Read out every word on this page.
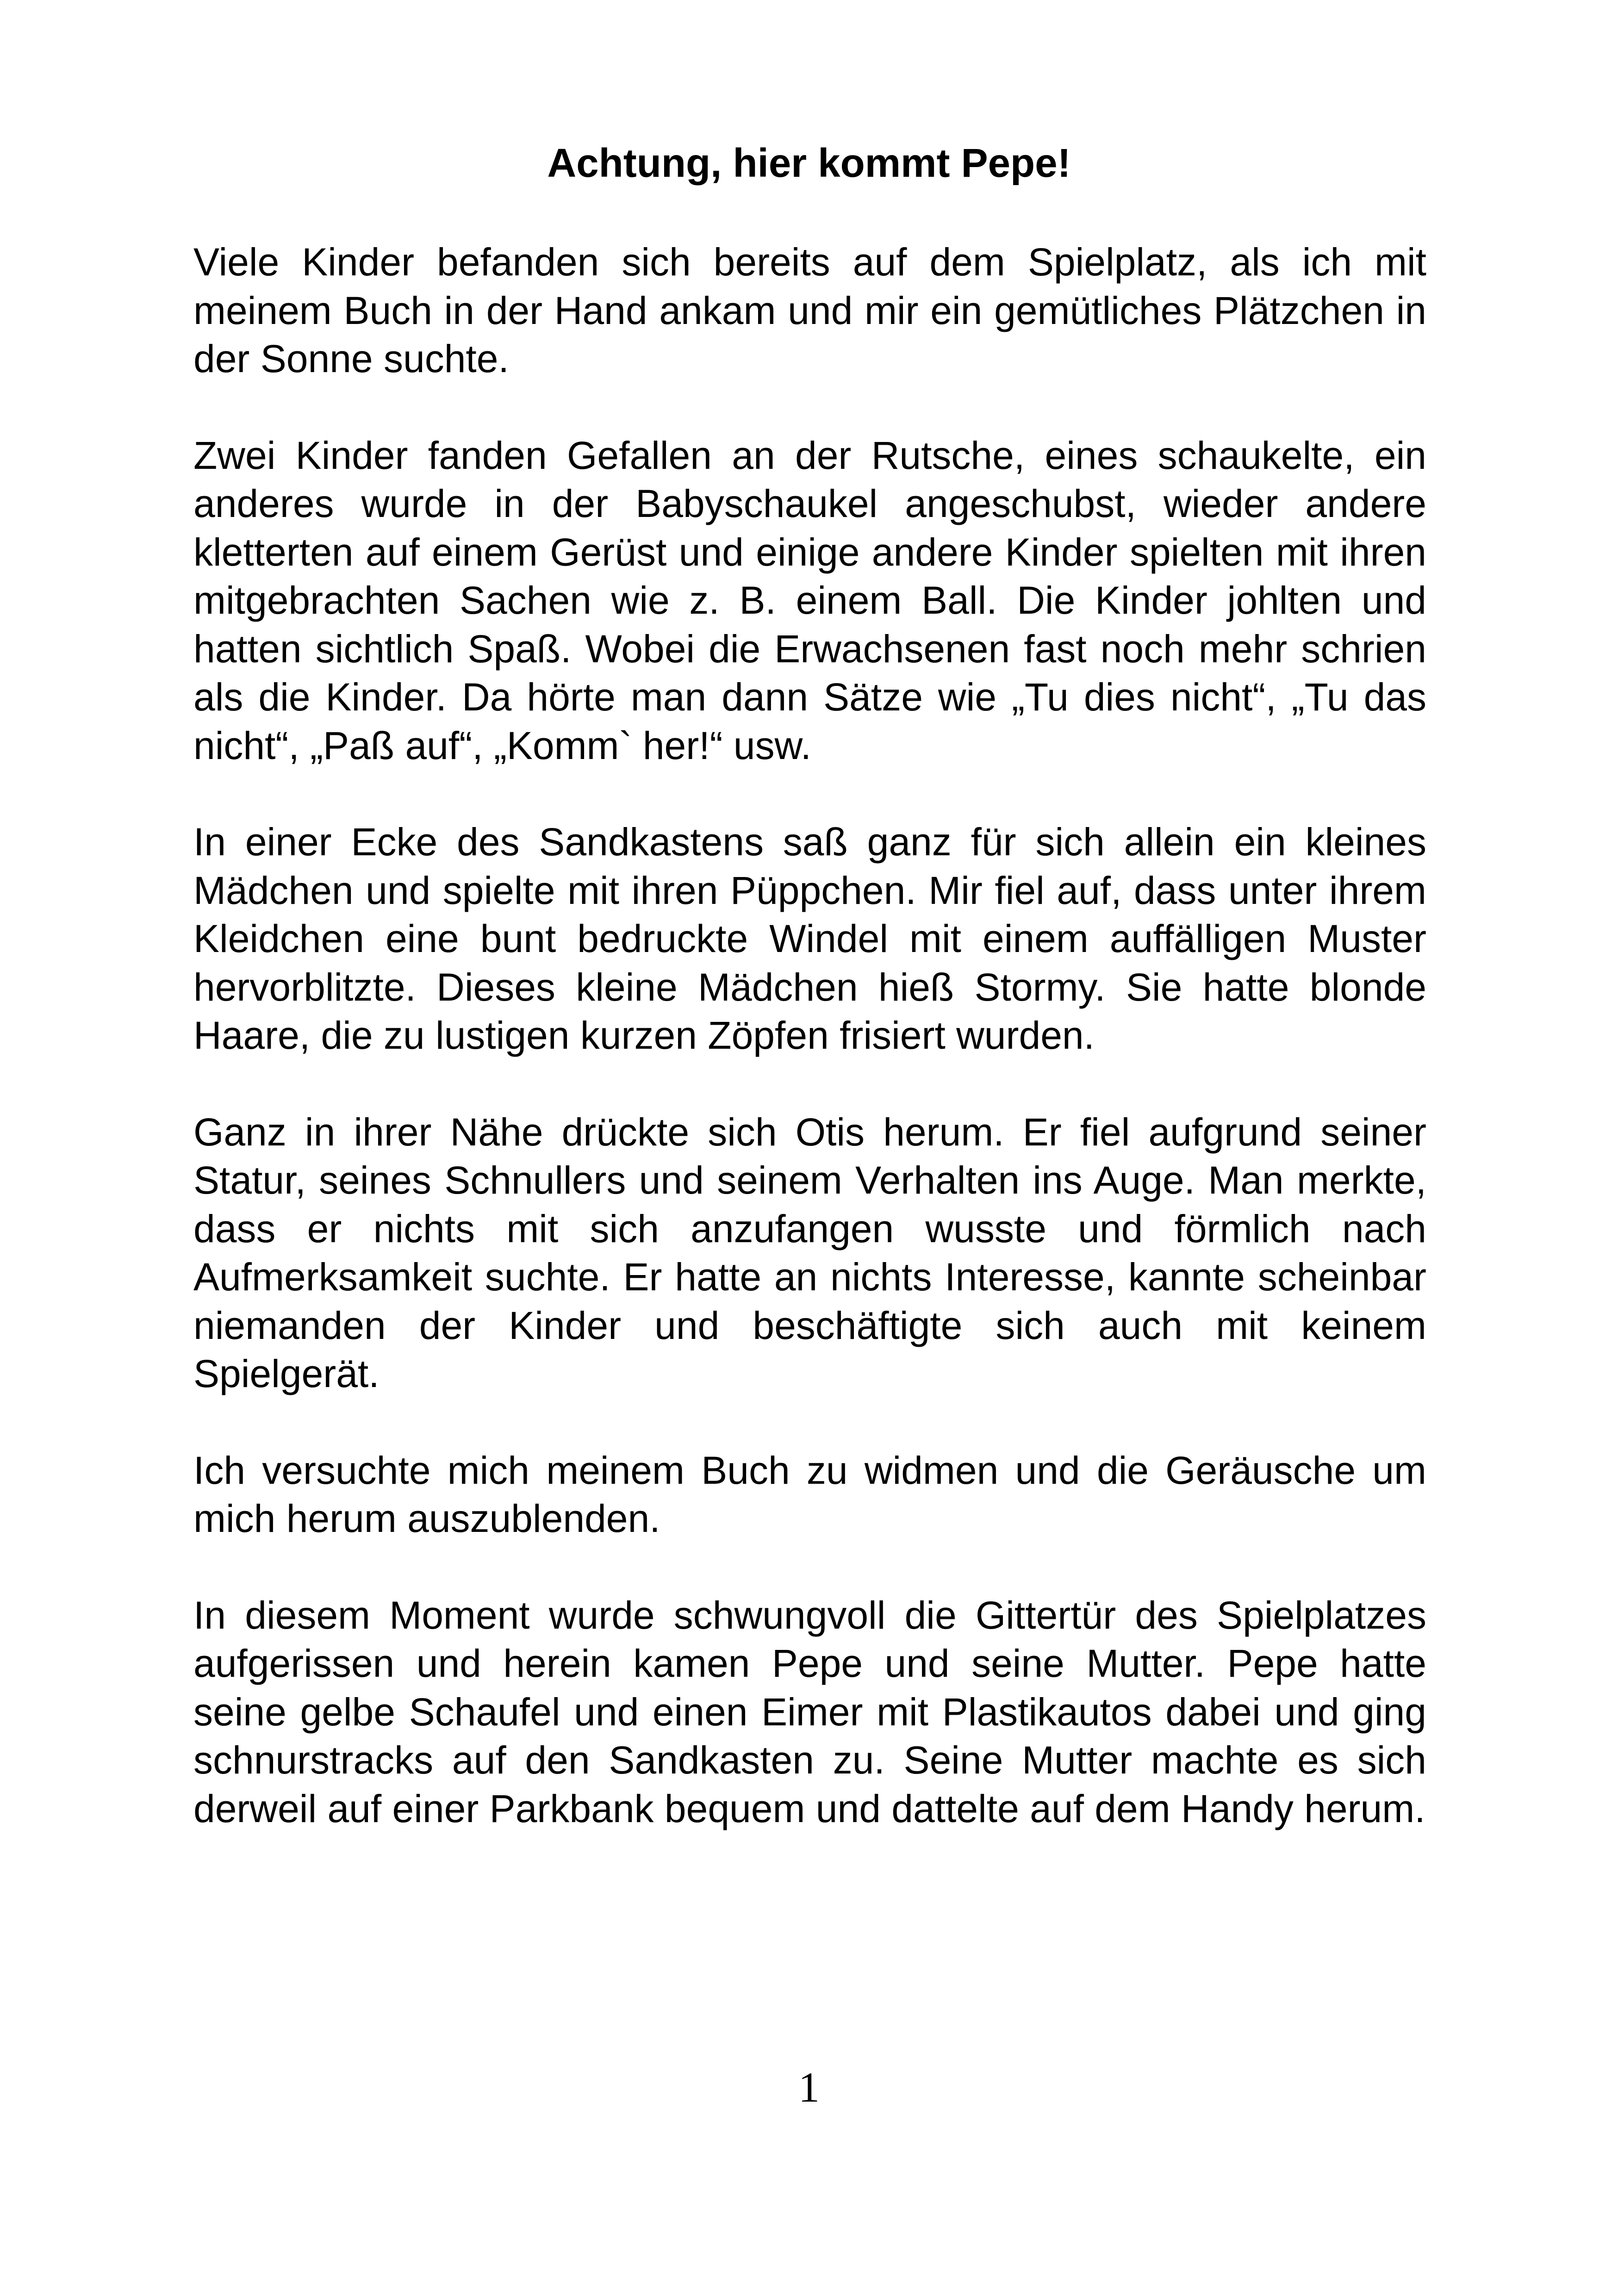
Achtung, hier kommt Pepe!

Viele Kinder befanden sich bereits auf dem Spielplatz, als ich mit meinem Buch in der Hand ankam und mir ein gemütliches Plätzchen in der Sonne suchte.

Zwei Kinder fanden Gefallen an der Rutsche, eines schaukelte, ein anderes wurde in der Babyschaukel angeschubst, wieder andere kletterten auf einem Gerüst und einige andere Kinder spielten mit ihren mitgebrachten Sachen wie z. B. einem Ball. Die Kinder johlten und hatten sichtlich Spaß. Wobei die Erwachsenen fast noch mehr schrien als die Kinder. Da hörte man dann Sätze wie „Tu dies nicht“, „Tu das nicht“, „Paß auf“, „Komm` her!“ usw.

In einer Ecke des Sandkastens saß ganz für sich allein ein kleines Mädchen und spielte mit ihren Püppchen. Mir fiel auf, dass unter ihrem Kleidchen eine bunt bedruckte Windel mit einem auffälligen Muster hervorblitzte. Dieses kleine Mädchen hieß Stormy. Sie hatte blonde Haare, die zu lustigen kurzen Zöpfen frisiert wurden.

Ganz in ihrer Nähe drückte sich Otis herum. Er fiel aufgrund seiner Statur, seines Schnullers und seinem Verhalten ins Auge. Man merkte, dass er nichts mit sich anzufangen wusste und förmlich nach Aufmerksamkeit suchte. Er hatte an nichts Interesse, kannte scheinbar niemanden der Kinder und beschäftigte sich auch mit keinem Spielgerät.

Ich versuchte mich meinem Buch zu widmen und die Geräusche um mich herum auszublenden.

In diesem Moment wurde schwungvoll die Gittertür des Spielplatzes aufgerissen und herein kamen Pepe und seine Mutter. Pepe hatte seine gelbe Schaufel und einen Eimer mit Plastikautos dabei und ging schnurstracks auf den Sandkasten zu. Seine Mutter machte es sich derweil auf einer Parkbank bequem und dattelte auf dem Handy herum.

1
